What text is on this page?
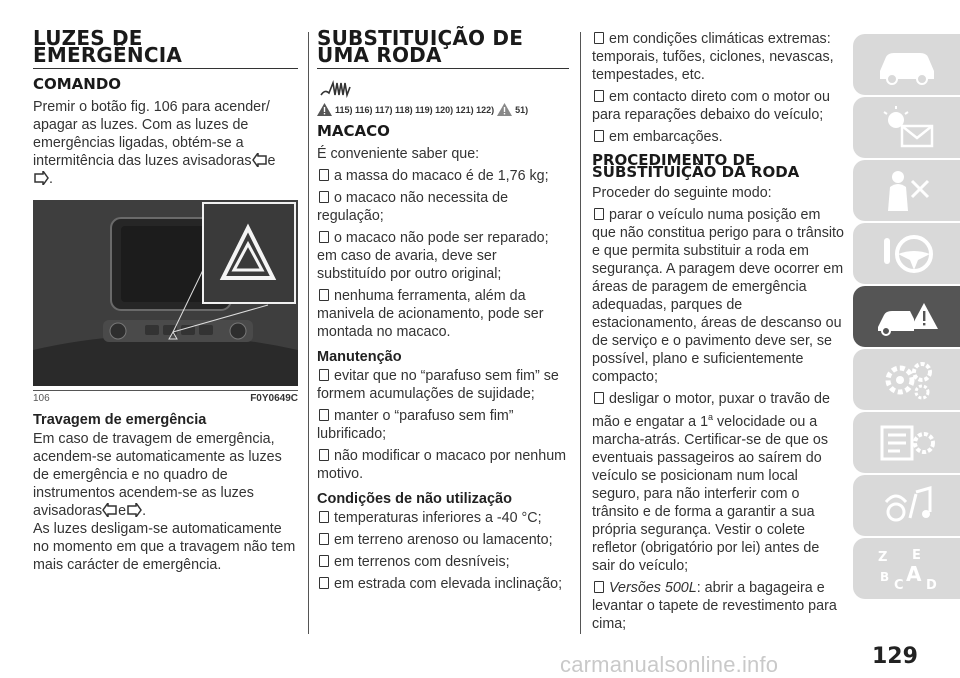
LUZES DE
EMERGÊNCIA
COMANDO

Premir o botão fig. 106 para acender/ apagar as luzes. Com as luzes de emergências ligadas, obtém-se a intermitência das luzes avisadoras e
.

106	F0Y0649C
Travagem de emergência

Em caso de travagem de emergência, acendem-se automaticamente as luzes de emergência e no quadro de instrumentos acendem-se as luzes avisadoras e .

As luzes desligam-se automaticamente no momento em que a travagem não tem mais carácter de emergência.

SUBSTITUIÇÃO DE
UMA RODA
115) 116) 117) 118) 119) 120) 121) 122) 51)
MACACO

É conveniente saber que:

a massa do macaco é de 1,76 kg;
o macaco não necessita de regulação;
o macaco não pode ser reparado; em caso de avaria, deve ser substituído por outro original;
nenhuma ferramenta, além da manivela de acionamento, pode ser montada no macaco.
Manutenção
evitar que no “parafuso sem fim” se formem acumulações de sujidade;
manter o “parafuso sem fim” lubrificado;
não modificar o macaco por nenhum motivo.
Condições de não utilização
temperaturas inferiores a -40 °C;
em terreno arenoso ou lamacento;
em terrenos com desníveis;
em estrada com elevada inclinação;
em condições climáticas extremas: temporais, tufões, ciclones, nevascas, tempestades, etc.
em contacto direto com o motor ou para reparações debaixo do veículo;
em embarcações.
PROCEDIMENTO DE
SUBSTITUIÇÃO DA RODA

Proceder do seguinte modo:

parar o veículo numa posição em que não constitua perigo para o trânsito e que permita substituir a roda em segurança. A paragem deve ocorrer em áreas de paragem de emergência adequadas, parques de estacionamento, áreas de descanso ou de serviço e o pavimento deve ser, se possível, plano e suficientemente compacto;
desligar o motor, puxar o travão de mão e engatar a 1$^a$ velocidade ou a marcha-atrás. Certificar-se de que os eventuais passageiros ao saírem do veículo se posicionam num local seguro, para não interferir com o trânsito e de forma a garantir a sua própria segurança. Vestir o colete refletor (obrigatório por lei) antes de sair do veículo;
Versões 500L: abrir a bagageira e levantar o tapete de revestimento para cima;
Z E
B
C A D
carmanualsonline.info	129
